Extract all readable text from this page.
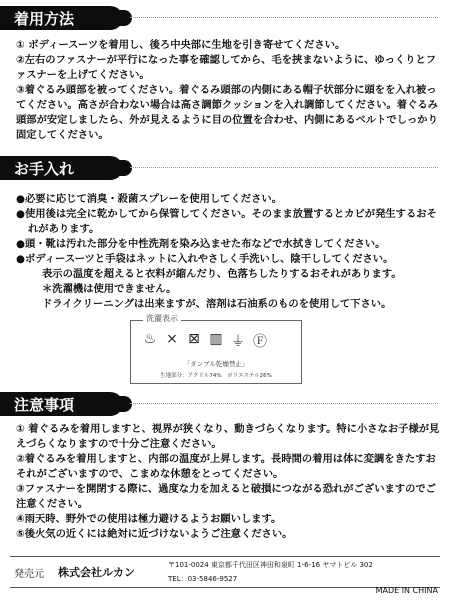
着用方法

① ボディースーツを着用し、後ろ中央部に生地を引き寄せてください。

②左右のファスナーが平行になった事を確認してから、毛を挟まないように、ゆっくりとファスナーを上げてください。

③着ぐるみ頭部を被ってください。着ぐるみ頭部の内側にある帽子状部分に頭をを入れ被ってください。高さが合わない場合は高さ調節クッションを入れ調節してください。着ぐるみ頭部が安定しましたら、外が見えるように目の位置を合わせ、内側にあるベルトでしっかり固定してください。

お手入れ

●必要に応じて消臭・殺菌スプレーを使用してください。

●使用後は完全に乾かしてから保管してください。そのまま放置するとカビが発生するおそれがあります。

●頭・靴は汚れた部分を中性洗剤を染み込ませた布などで水拭きしてください。

●ボディースーツと手袋はネットに入れやさしく手洗いし、陰干ししてください。

表示の温度を超えると衣料が縮んだり、色落ちしたりするおそれがあります。

＊洗濯機は使用できません。

ドライクリーニングは出来ますが、溶剤は石油系のものを使用して下さい。

洗濯表示
♨ ⨯ ⊠ ▥ ⏚ Ⓕ
「タンブル乾燥禁止」
生地部分：アクリル74%　ポリエステル26%
注意事項

① 着ぐるみを着用しますと、視界が狭くなり、動きづらくなります。特に小さなお子様が見えづらくなりますので十分ご注意ください。

②着ぐるみを着用しますと、内部の温度が上昇します。長時間の着用は体に変調をきたすおそれがございますので、こまめな休憩をとってください。

③ファスナーを開閉する際に、過度な力を加えると破損につながる恐れがございますのでご注意ください。

④雨天時、野外での使用は極力避けるようお願いします。

⑤後火気の近くには絶対に近づけないようご注意ください。

発売元 株式会社ルカン
〒101-0024 東京都千代田区神田和泉町 1-6-16 ヤマトビル 302
TEL：03-5846-9527
MADE IN CHINA
